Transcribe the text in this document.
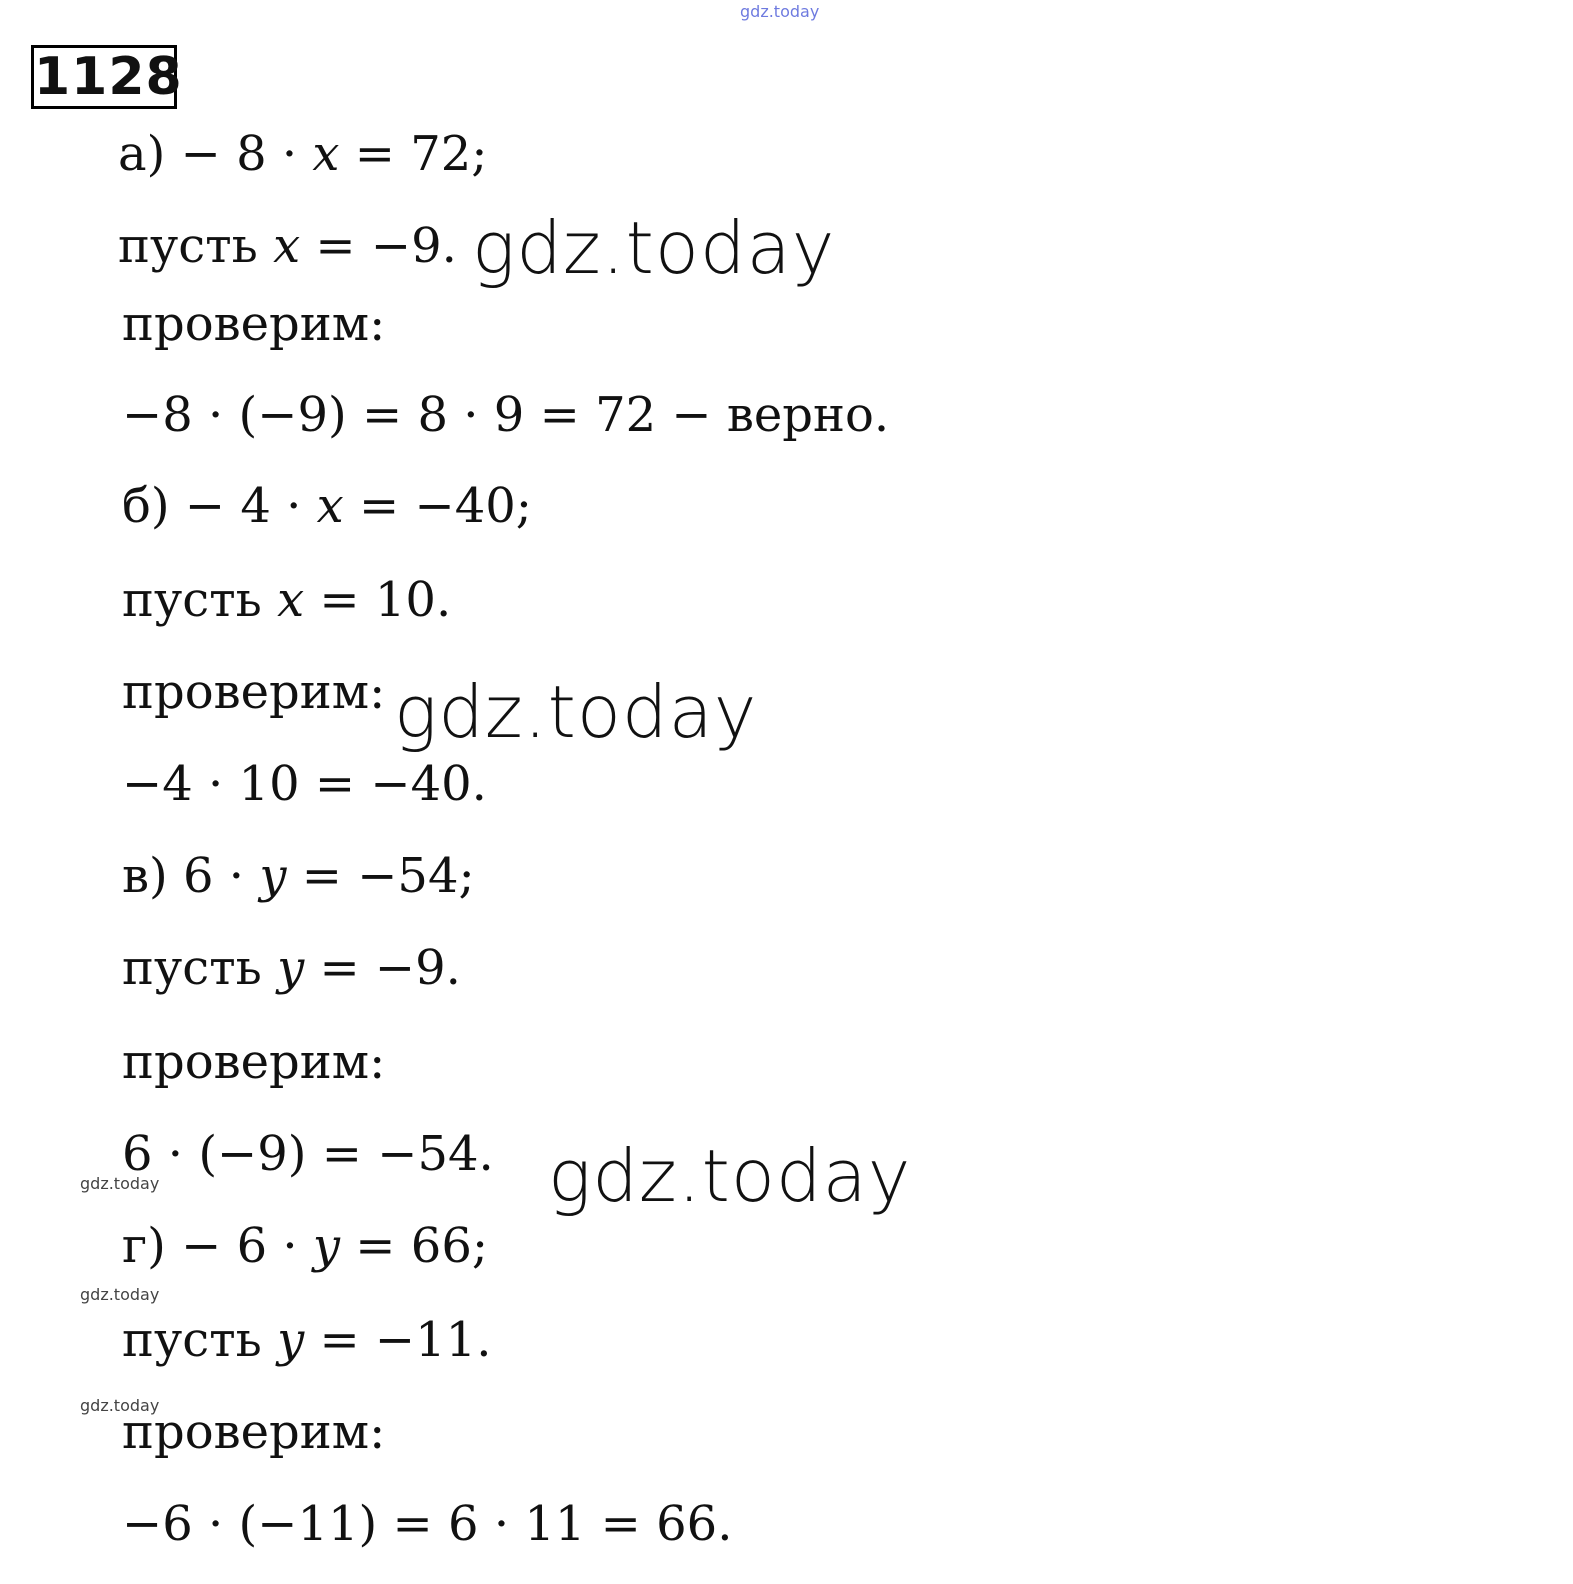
gdz.today
1128
а) − 8 · x = 72;
пусть x = −9.
проверим:
−8 · (−9) = 8 · 9 = 72 − верно.
б) − 4 · x = −40;
пусть x = 10.
проверим:
−4 · 10 = −40.
в) 6 · y = −54;
пусть y = −9.
проверим:
6 · (−9) = −54.
г) − 6 · y = 66;
пусть y = −11.
проверим:
−6 · (−11) = 6 · 11 = 66.
gdz.today
gdz.today
gdz.today
gdz.today
gdz.today
gdz.today
